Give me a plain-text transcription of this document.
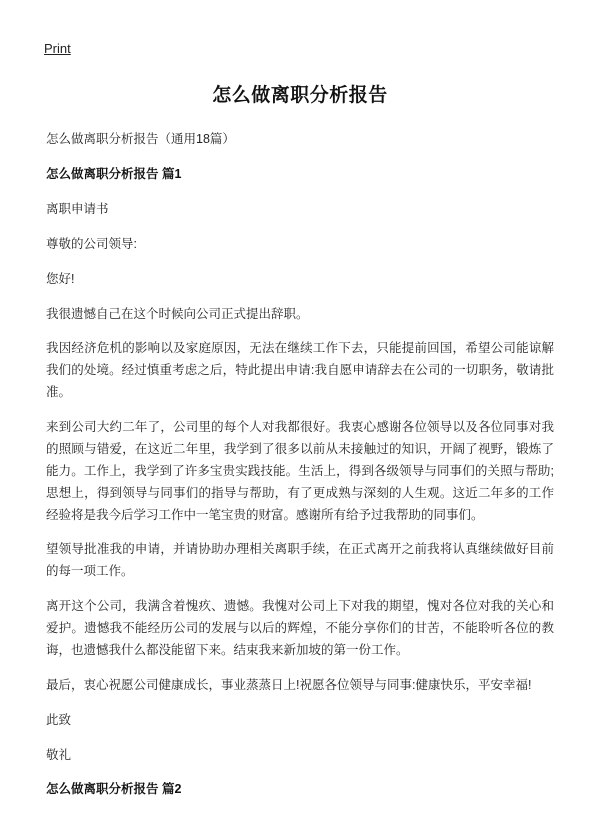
Print
怎么做离职分析报告

怎么做离职分析报告（通用18篇）

怎么做离职分析报告 篇1

离职申请书

尊敬的公司领导:

您好!

我很遗憾自己在这个时候向公司正式提出辞职。

我因经济危机的影响以及家庭原因，无法在继续工作下去，只能提前回国，希望公司能谅解我们的处境。经过慎重考虑之后，特此提出申请:我自愿申请辞去在公司的一切职务，敬请批准。

来到公司大约二年了，公司里的每个人对我都很好。我衷心感谢各位领导以及各位同事对我的照顾与错爱，在这近二年里，我学到了很多以前从未接触过的知识，开阔了视野，锻炼了能力。工作上，我学到了许多宝贵实践技能。生活上，得到各级领导与同事们的关照与帮助;思想上，得到领导与同事们的指导与帮助，有了更成熟与深刻的人生观。这近二年多的工作经验将是我今后学习工作中一笔宝贵的财富。感谢所有给予过我帮助的同事们。

望领导批准我的申请，并请协助办理相关离职手续，在正式离开之前我将认真继续做好目前的每一项工作。

离开这个公司，我满含着愧疚、遗憾。我愧对公司上下对我的期望，愧对各位对我的关心和爱护。遗憾我不能经历公司的发展与以后的辉煌，不能分享你们的甘苦，不能聆听各位的教诲，也遗憾我什么都没能留下来。结束我来新加坡的第一份工作。

最后，衷心祝愿公司健康成长，事业蒸蒸日上!祝愿各位领导与同事:健康快乐，平安幸福!

此致

敬礼

怎么做离职分析报告 篇2
